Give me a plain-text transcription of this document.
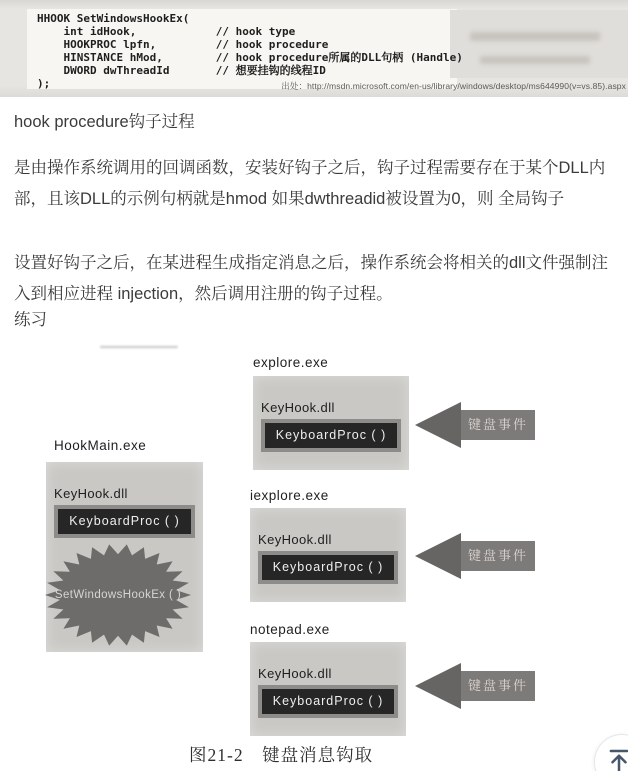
HHOOK SetWindowsHookEx(
int idHook,            // hook type
HOOKPROC lpfn,         // hook procedure
HINSTANCE hMod,        // hook procedure所属的DLL句柄 (Handle)
DWORD dwThreadId       // 想要挂钩的线程ID
);	出处：http://msdn.microsoft.com/en-us/library/windows/desktop/ms644990(v=vs.85).aspx

hook procedure钩子过程

是由操作系统调用的回调函数，安装好钩子之后，钩子过程需要存在于某个DLL内部，且该DLL的示例句柄就是hmod 如果dwthreadid被设置为0，则 全局钩子

设置好钩子之后，在某进程生成指定消息之后，操作系统会将相关的dll文件强制注入到相应进程 injection，然后调用注册的钩子过程。

练习

HookMain.exe
KeyHook.dll
KeyboardProc ( )
SetWindowsHookEx ( )
explore.exe
KeyHook.dll
KeyboardProc ( )
键盘事件
iexplore.exe
KeyHook.dll
KeyboardProc ( )
键盘事件
notepad.exe
KeyHook.dll
KeyboardProc ( )
键盘事件
图21-2　键盘消息钩取
